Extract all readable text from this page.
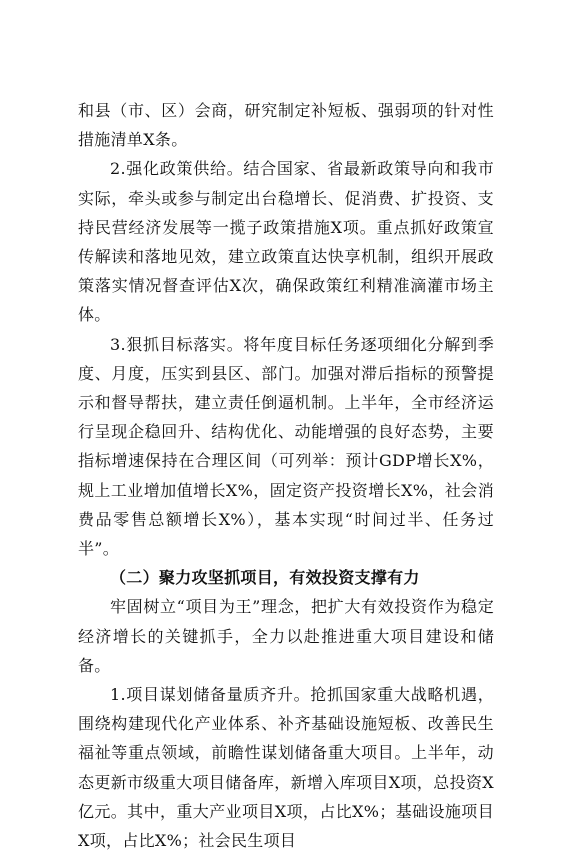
和县（市、区）会商，研究制定补短板、强弱项的针对性措施清单X条。

2.强化政策供给。结合国家、省最新政策导向和我市实际，牵头或参与制定出台稳增长、促消费、扩投资、支持民营经济发展等一揽子政策措施X项。重点抓好政策宣传解读和落地见效，建立政策直达快享机制，组织开展政策落实情况督查评估X次，确保政策红利精准滴灌市场主体。

3.狠抓目标落实。将年度目标任务逐项细化分解到季度、月度，压实到县区、部门。加强对滞后指标的预警提示和督导帮扶，建立责任倒逼机制。上半年，全市经济运行呈现企稳回升、结构优化、动能增强的良好态势，主要指标增速保持在合理区间（可列举：预计GDP增长X%，规上工业增加值增长X%，固定资产投资增长X%，社会消费品零售总额增长X%），基本实现“时间过半、任务过半”。

（二）聚力攻坚抓项目，有效投资支撑有力

牢固树立“项目为王”理念，把扩大有效投资作为稳定经济增长的关键抓手，全力以赴推进重大项目建设和储备。

1.项目谋划储备量质齐升。抢抓国家重大战略机遇，围绕构建现代化产业体系、补齐基础设施短板、改善民生福祉等重点领域，前瞻性谋划储备重大项目。上半年，动态更新市级重大项目储备库，新增入库项目X项，总投资X亿元。其中，重大产业项目X项，占比X%；基础设施项目X项，占比X%；社会民生项目
